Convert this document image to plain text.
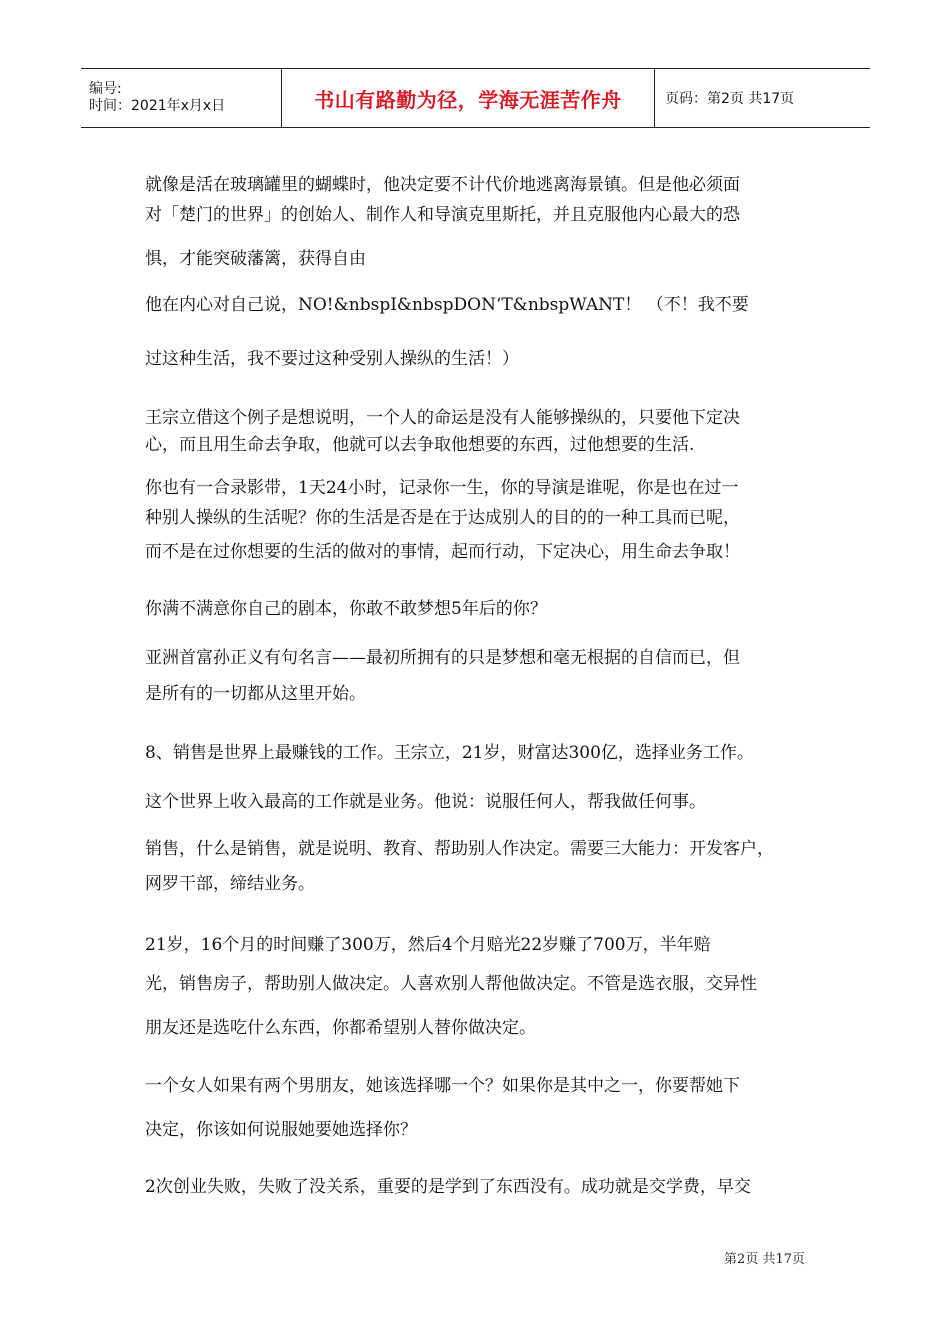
编号:
时间：2021年x月x日	书山有路勤为径，学海无涯苦作舟	页码：第2页 共17页
就像是活在玻璃罐里的蝴蝶时，他决定要不计代价地逃离海景镇。但是他必须面
对「楚门的世界」的创始人、制作人和导演克里斯托，并且克服他内心最大的恐
惧，才能突破藩篱，获得自由
他在内心对自己说，NO!&nbspI&nbspDON‘T&nbspWANT！ （不！我不要
过这种生活，我不要过这种受别人操纵的生活！）
王宗立借这个例子是想说明，一个人的命运是没有人能够操纵的，只要他下定决
心，而且用生命去争取，他就可以去争取他想要的东西，过他想要的生活.
你也有一合录影带，1天24小时，记录你一生，你的导演是谁呢，你是也在过一
种别人操纵的生活呢？你的生活是否是在于达成别人的目的的一种工具而已呢，
而不是在过你想要的生活的做对的事情，起而行动，下定决心，用生命去争取！
你满不满意你自己的剧本，你敢不敢梦想5年后的你？
亚洲首富孙正义有句名言——最初所拥有的只是梦想和毫无根据的自信而已，但
是所有的一切都从这里开始。
8、销售是世界上最赚钱的工作。王宗立，21岁，财富达300亿，选择业务工作。
这个世界上收入最高的工作就是业务。他说：说服任何人，帮我做任何事。
销售，什么是销售，就是说明、教育、帮助别人作决定。需要三大能力：开发客户，
网罗干部，缔结业务。
21岁，16个月的时间赚了300万，然后4个月赔光22岁赚了700万，半年赔
光，销售房子，帮助别人做决定。人喜欢别人帮他做决定。不管是选衣服，交异性
朋友还是选吃什么东西，你都希望别人替你做决定。
一个女人如果有两个男朋友，她该选择哪一个？如果你是其中之一，你要帮她下
决定，你该如何说服她要她选择你？
2次创业失败，失败了没关系，重要的是学到了东西没有。成功就是交学费，早交
第2页 共17页
